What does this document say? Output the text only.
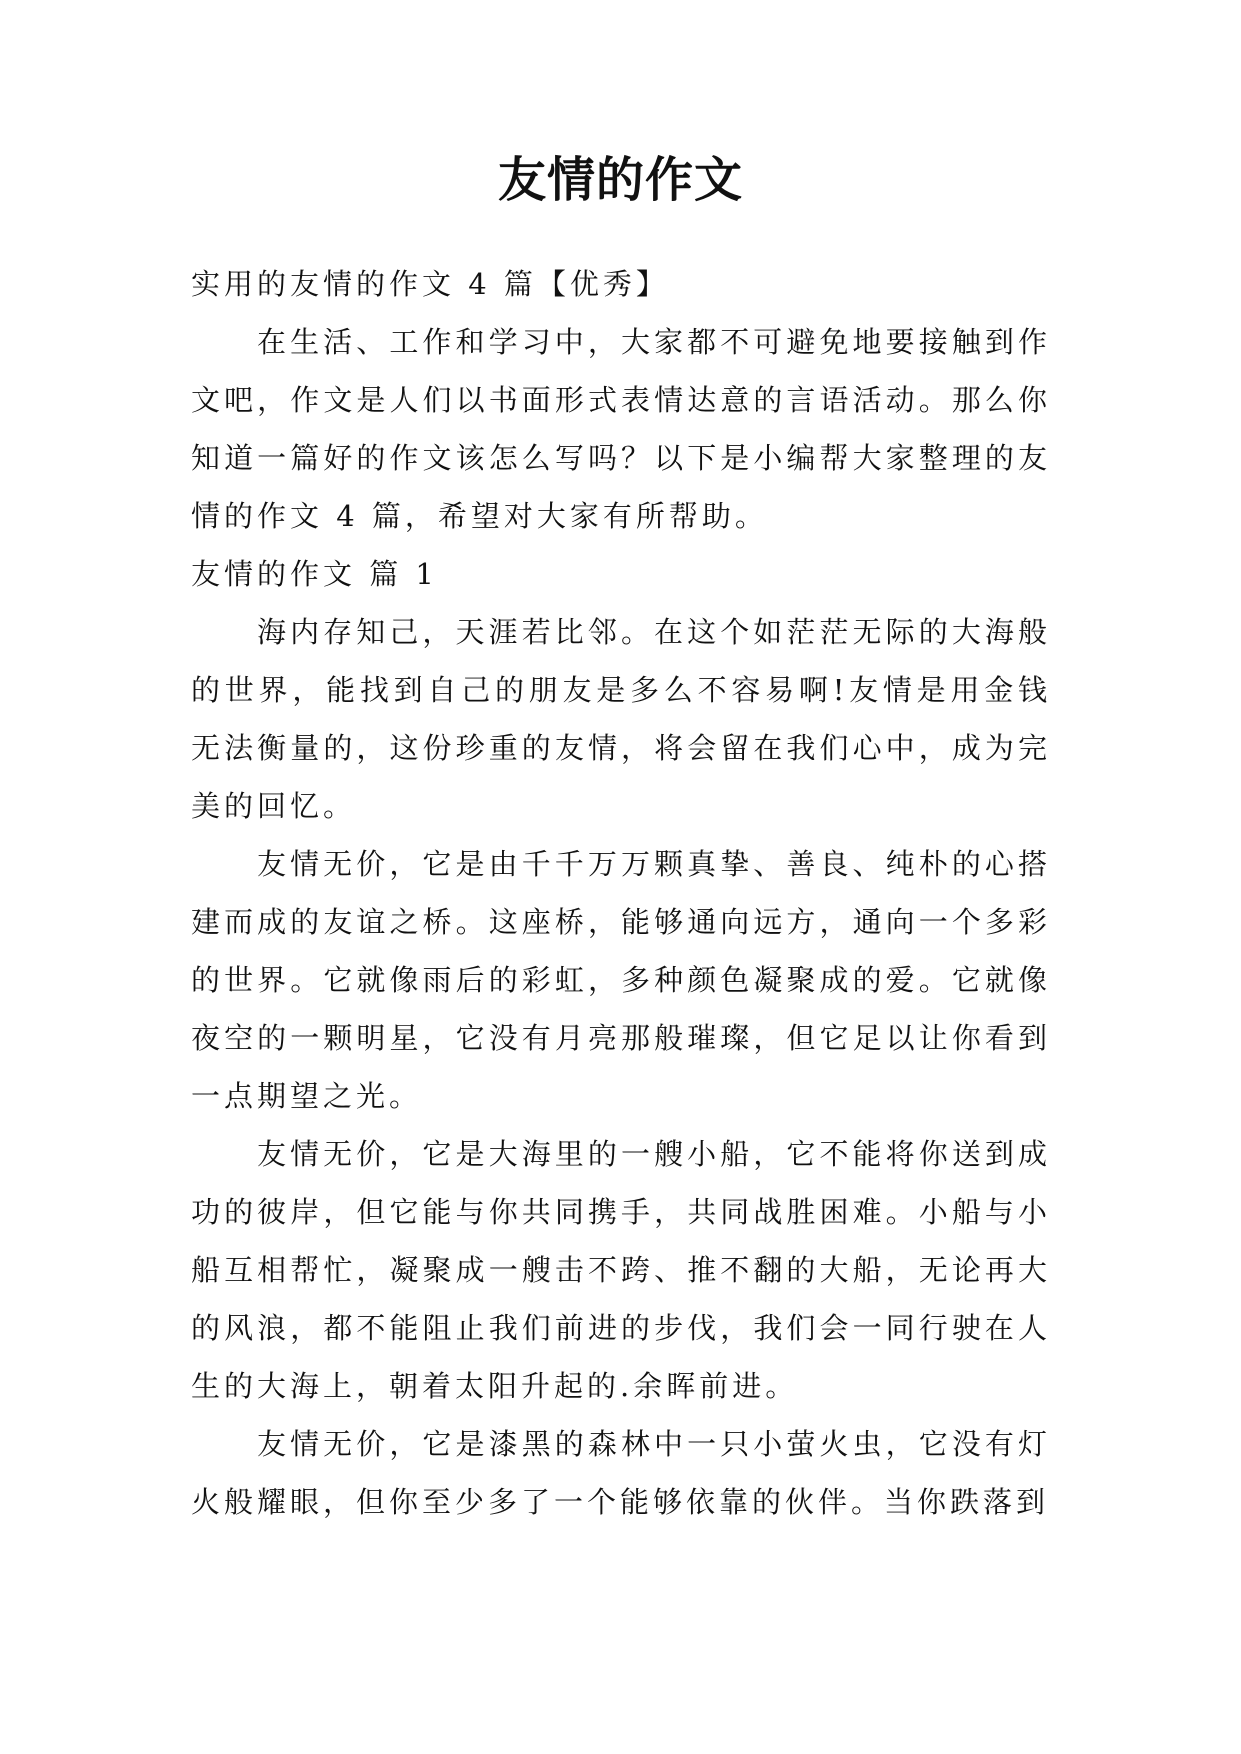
友情的作文

实用的友情的作文 4 篇【优秀】

在生活、工作和学习中，大家都不可避免地要接触到作文吧，作文是人们以书面形式表情达意的言语活动。那么你知道一篇好的作文该怎么写吗？以下是小编帮大家整理的友情的作文 4 篇，希望对大家有所帮助。

友情的作文 篇 1

海内存知己，天涯若比邻。在这个如茫茫无际的大海般的世界，能找到自己的朋友是多么不容易啊!友情是用金钱无法衡量的，这份珍重的友情，将会留在我们心中，成为完美的回忆。

友情无价，它是由千千万万颗真挚、善良、纯朴的心搭建而成的友谊之桥。这座桥，能够通向远方，通向一个多彩的世界。它就像雨后的彩虹，多种颜色凝聚成的爱。它就像夜空的一颗明星，它没有月亮那般璀璨，但它足以让你看到一点期望之光。

友情无价，它是大海里的一艘小船，它不能将你送到成功的彼岸，但它能与你共同携手，共同战胜困难。小船与小船互相帮忙，凝聚成一艘击不跨、推不翻的大船，无论再大的风浪，都不能阻止我们前进的步伐，我们会一同行驶在人生的大海上，朝着太阳升起的.余晖前进。

友情无价，它是漆黑的森林中一只小萤火虫，它没有灯火般耀眼，但你至少多了一个能够依靠的伙伴。当你跌落到
